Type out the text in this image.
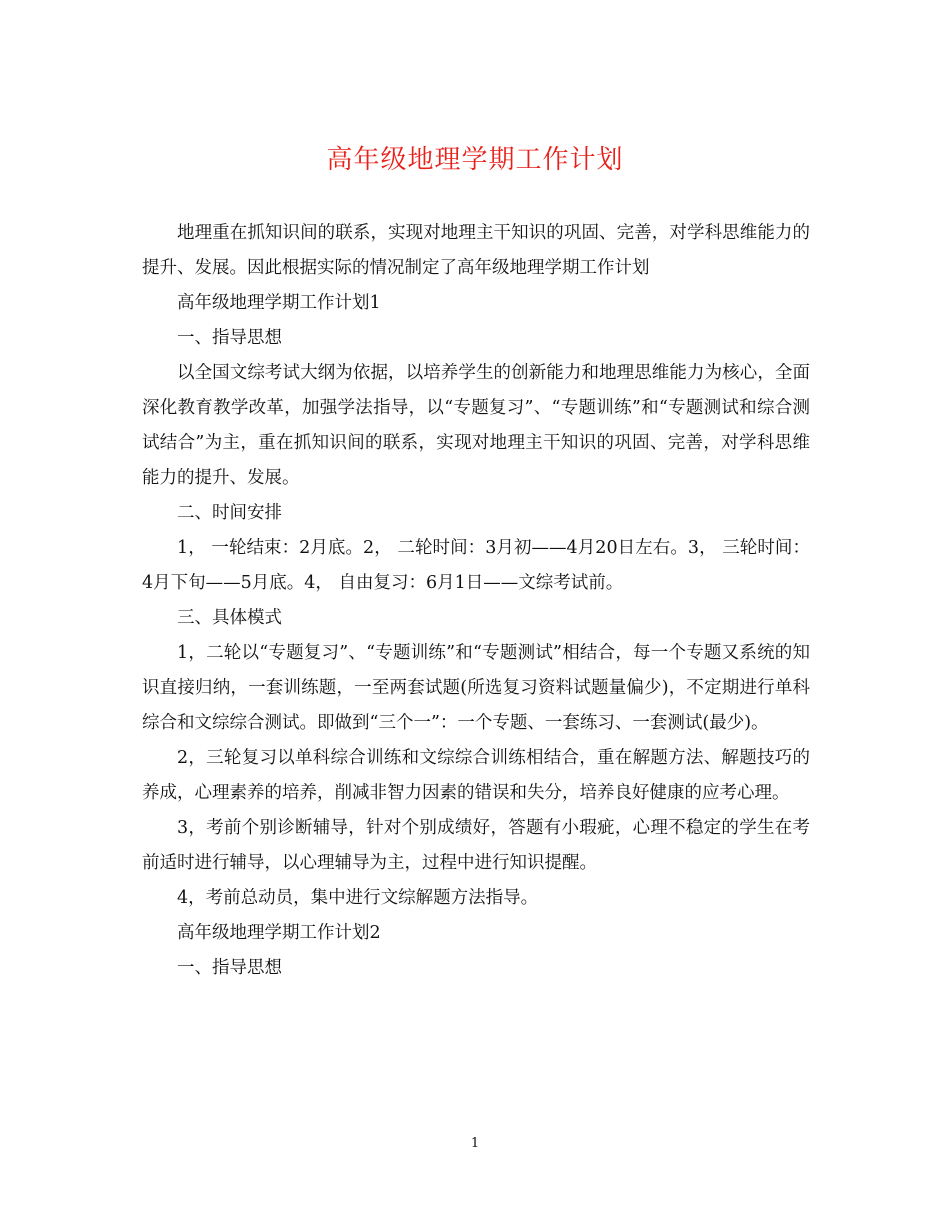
高年级地理学期工作计划

地理重在抓知识间的联系，实现对地理主干知识的巩固、完善，对学科思维能力的提升、发展。因此根据实际的情况制定了高年级地理学期工作计划

高年级地理学期工作计划1

一、指导思想

以全国文综考试大纲为依据，以培养学生的创新能力和地理思维能力为核心，全面深化教育教学改革，加强学法指导，以“专题复习”、“专题训练”和“专题测试和综合测试结合”为主，重在抓知识间的联系，实现对地理主干知识的巩固、完善，对学科思维能力的提升、发展。

二、时间安排

1， 一轮结束：2月底。2， 二轮时间：3月初——4月20日左右。3， 三轮时间：4月下旬——5月底。4， 自由复习：6月1日——文综考试前。

三、具体模式

1，二轮以“专题复习”、“专题训练”和“专题测试”相结合，每一个专题又系统的知识直接归纳，一套训练题，一至两套试题(所选复习资料试题量偏少)，不定期进行单科综合和文综综合测试。即做到“三个一”：一个专题、一套练习、一套测试(最少)。

2，三轮复习以单科综合训练和文综综合训练相结合，重在解题方法、解题技巧的养成，心理素养的培养，削减非智力因素的错误和失分，培养良好健康的应考心理。

3，考前个别诊断辅导，针对个别成绩好，答题有小瑕疵，心理不稳定的学生在考前适时进行辅导，以心理辅导为主，过程中进行知识提醒。

4，考前总动员，集中进行文综解题方法指导。

高年级地理学期工作计划2

一、指导思想

1
